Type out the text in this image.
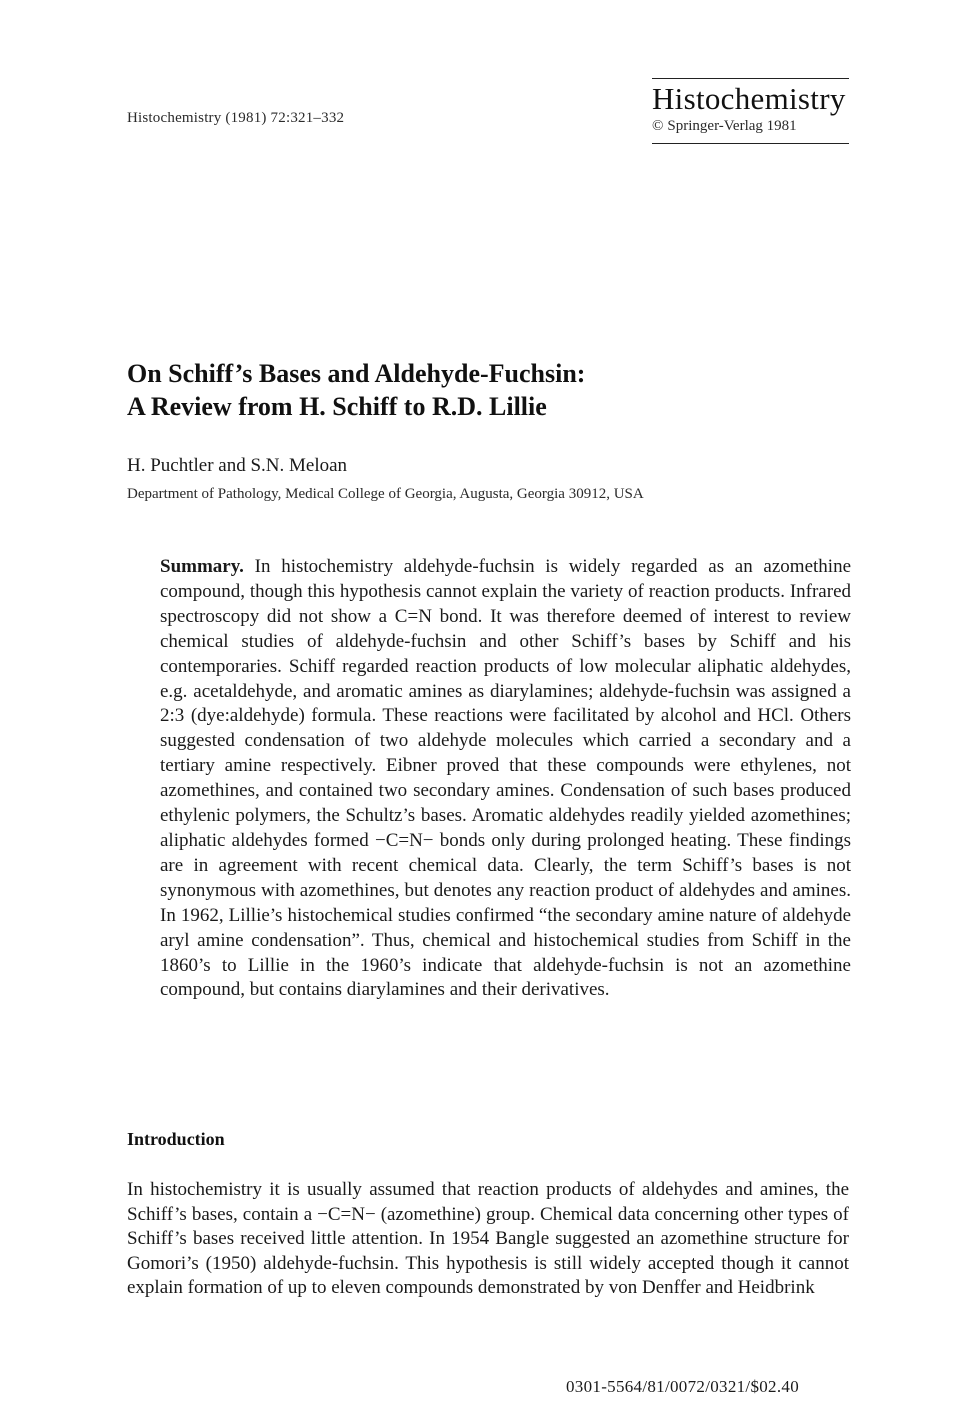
Histochemistry (1981) 72:321–332
Histochemistry
© Springer-Verlag 1981
On Schiff’s Bases and Aldehyde-Fuchsin:
A Review from H. Schiff to R.D. Lillie
H. Puchtler and S.N. Meloan
Department of Pathology, Medical College of Georgia, Augusta, Georgia 30912, USA
Summary. In histochemistry aldehyde-fuchsin is widely regarded as an azomethine compound, though this hypothesis cannot explain the variety of reaction products. Infrared spectroscopy did not show a C=N bond. It was therefore deemed of interest to review chemical studies of aldehyde-fuchsin and other Schiff’s bases by Schiff and his contemporaries. Schiff regarded reaction products of low molecular aliphatic aldehydes, e.g. acetaldehyde, and aromatic amines as diarylamines; aldehyde-fuchsin was assigned a 2:3 (dye:aldehyde) formula. These reactions were facilitated by alcohol and HCl. Others suggested condensation of two aldehyde molecules which carried a secondary and a tertiary amine respectively. Eibner proved that these compounds were ethylenes, not azomethines, and contained two secondary amines. Condensation of such bases produced ethylenic polymers, the Schultz’s bases. Aromatic aldehydes readily yielded azomethines; aliphatic aldehydes formed −C=N− bonds only during prolonged heating. These findings are in agreement with recent chemical data. Clearly, the term Schiff’s bases is not synonymous with azomethines, but denotes any reaction product of aldehydes and amines. In 1962, Lillie’s histochemical studies confirmed “the secondary amine nature of aldehyde aryl amine condensation”. Thus, chemical and histochemical studies from Schiff in the 1860’s to Lillie in the 1960’s indicate that aldehyde-fuchsin is not an azomethine compound, but contains diarylamines and their derivatives.
Introduction
In histochemistry it is usually assumed that reaction products of aldehydes and amines, the Schiff’s bases, contain a −C=N− (azomethine) group. Chemical data concerning other types of Schiff’s bases received little attention. In 1954 Bangle suggested an azomethine structure for Gomori’s (1950) aldehyde-fuchsin. This hypothesis is still widely accepted though it cannot explain formation of up to eleven compounds demonstrated by von Denffer and Heidbrink
0301-5564/81/0072/0321/$02.40
